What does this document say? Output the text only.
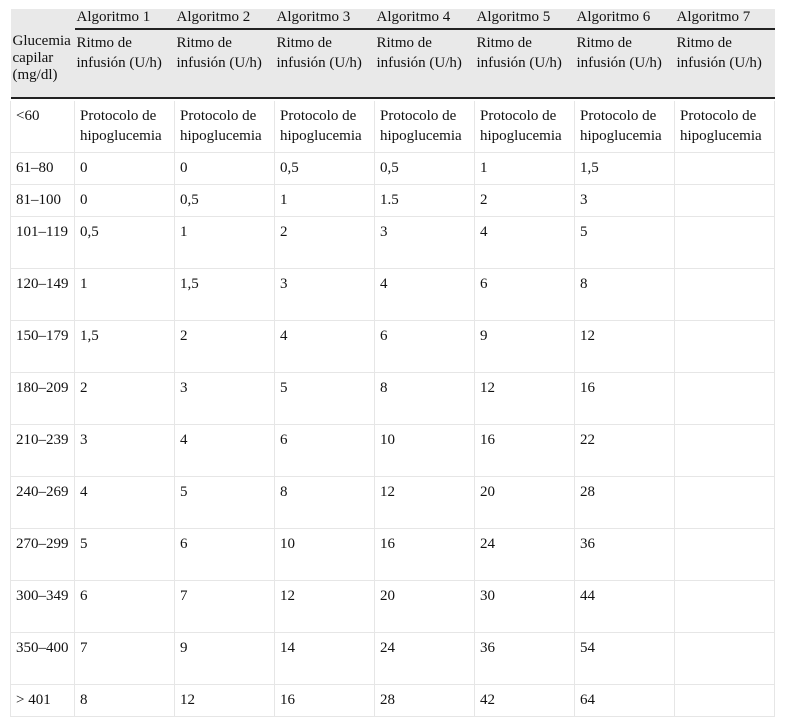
Glucemia capilar (mg/dl)	Algoritmo 1	Algoritmo 2	Algoritmo 3	Algoritmo 4	Algoritmo 5	Algoritmo 6	Algoritmo 7
	Ritmo de infusión (U/h)	Ritmo de infusión (U/h)	Ritmo de infusión (U/h)	Ritmo de infusión (U/h)	Ritmo de infusión (U/h)	Ritmo de infusión (U/h)	Ritmo de infusión (U/h)

<60	Protocolo de hipoglucemia	Protocolo de hipoglucemia	Protocolo de hipoglucemia	Protocolo de hipoglucemia	Protocolo de hipoglucemia	Protocolo de hipoglucemia	Protocolo de hipoglucemia
61–80	0	0	0,5	0,5	1	1,5	
81–100	0	0,5	1	1.5	2	3	
101–119	0,5	1	2	3	4	5	
120–149	1	1,5	3	4	6	8	
150–179	1,5	2	4	6	9	12	
180–209	2	3	5	8	12	16	
210–239	3	4	6	10	16	22	
240–269	4	5	8	12	20	28	
270–299	5	6	10	16	24	36	
300–349	6	7	12	20	30	44	
350–400	7	9	14	24	36	54	
> 401	8	12	16	28	42	64	
